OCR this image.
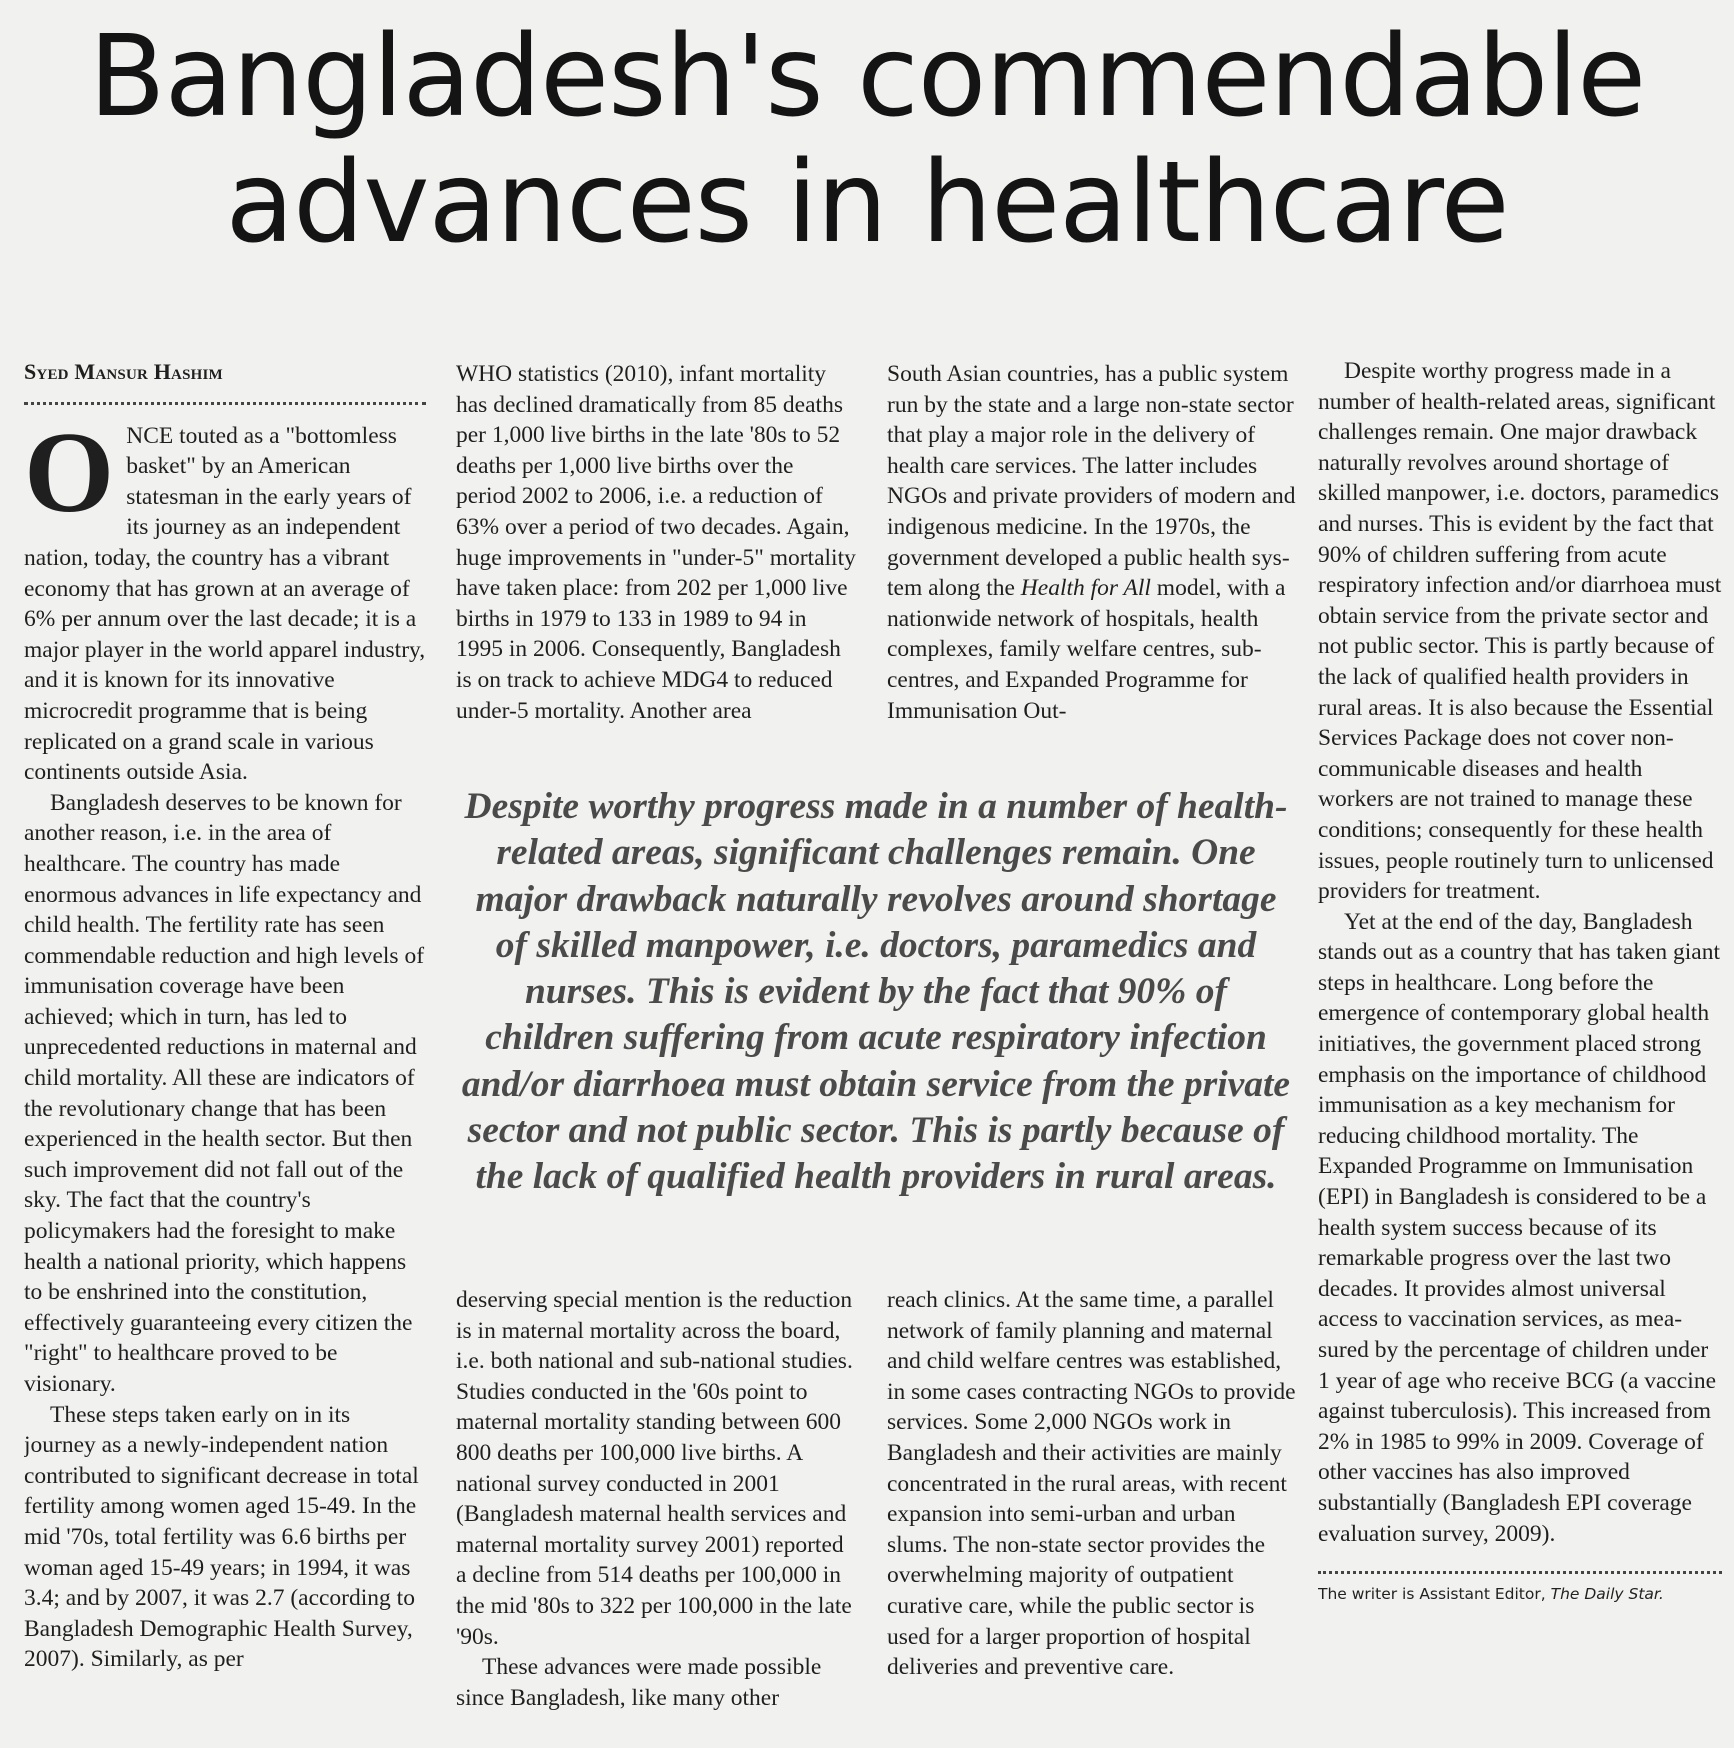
Bangladesh's commendable
advances in healthcare
Syed Mansur Hashim

ONCE touted as a "bottomless basket" by an American statesman in the early years of its journey as an independent nation, today, the country has a vibrant economy that has grown at an average of 6% per annum over the last decade; it is a major player in the world apparel industry, and it is known for its innovative microcredit programme that is being replicated on a grand scale in various continents outside Asia.

Bangladesh deserves to be known for another reason, i.e. in the area of healthcare. The country has made enormous advances in life expectancy and child health. The fertility rate has seen commendable reduction and high levels of immunisation coverage have been achieved; which in turn, has led to unprecedented reductions in maternal and child mortality. All these are indicators of the revolutionary change that has been experienced in the health sector. But then such improvement did not fall out of the sky. The fact that the country's policymakers had the foresight to make health a national priority, which happens to be enshrined into the constitution, effectively guaranteeing every citizen the "right" to healthcare proved to be visionary.

These steps taken early on in its journey as a newly-independent nation contributed to significant decrease in total fertility among women aged 15-49. In the mid '70s, total fertility was 6.6 births per woman aged 15-49 years; in 1994, it was 3.4; and by 2007, it was 2.7 (according to Bangladesh Demographic Health Survey, 2007). Similarly, as per

WHO statistics (2010), infant mortality has declined dramatically from 85 deaths per 1,000 live births in the late '80s to 52 deaths per 1,000 live births over the period 2002 to 2006, i.e. a reduction of 63% over a period of two decades. Again, huge improvements in "under-5" mortality have taken place: from 202 per 1,000 live births in 1979 to 133 in 1989 to 94 in 1995 in 2006. Consequently, Bangladesh is on track to achieve MDG4 to reduced under-5 mortality. Another area

South Asian countries, has a public system run by the state and a large non-state sector that play a major role in the delivery of health care services. The latter includes NGOs and private providers of modern and indigenous medicine. In the 1970s, the government developed a public health system along the Health for All model, with a nationwide network of hospitals, health complexes, family welfare centres, sub-centres, and Expanded Programme for Immunisation Out-

Despite worthy progress made in a number of health-related areas, significant challenges remain. One major drawback naturally revolves around shortage of skilled manpower, i.e. doctors, paramedics and nurses. This is evident by the fact that 90% of children suffering from acute respiratory infection and/or diarrhoea must obtain service from the private sector and not public sector. This is partly because of the lack of qualified health providers in rural areas.

deserving special mention is the reduction is in maternal mortality across the board, i.e. both national and sub-national studies. Studies conducted in the '60s point to maternal mortality standing between 600 800 deaths per 100,000 live births. A national survey conducted in 2001 (Bangladesh maternal health services and maternal mortality survey 2001) reported a decline from 514 deaths per 100,000 in the mid '80s to 322 per 100,000 in the late '90s.

These advances were made possible since Bangladesh, like many other

reach clinics. At the same time, a parallel network of family planning and maternal and child welfare centres was established, in some cases contracting NGOs to provide services. Some 2,000 NGOs work in Bangladesh and their activities are mainly concentrated in the rural areas, with recent expansion into semi-urban and urban slums. The non-state sector provides the overwhelming majority of outpatient curative care, while the public sector is used for a larger proportion of hospital deliveries and preventive care.

Despite worthy progress made in a number of health-related areas, significant challenges remain. One major drawback naturally revolves around shortage of skilled manpower, i.e. doctors, paramedics and nurses. This is evident by the fact that 90% of children suffering from acute respiratory infection and/or diarrhoea must obtain service from the private sector and not public sector. This is partly because of the lack of qualified health providers in rural areas. It is also because the Essential Services Package does not cover non-communicable diseases and health workers are not trained to manage these conditions; consequently for these health issues, people routinely turn to unlicensed providers for treatment.

Yet at the end of the day, Bangladesh stands out as a country that has taken giant steps in healthcare. Long before the emergence of contemporary global health initiatives, the government placed strong emphasis on the importance of childhood immunisation as a key mechanism for reducing childhood mortality. The Expanded Programme on Immunisation (EPI) in Bangladesh is considered to be a health system success because of its remarkable progress over the last two decades. It provides almost universal access to vaccination services, as measured by the percentage of children under 1 year of age who receive BCG (a vaccine against tuberculosis). This increased from 2% in 1985 to 99% in 2009. Coverage of other vaccines has also improved substantially (Bangladesh EPI coverage evaluation survey, 2009).

The writer is Assistant Editor, The Daily Star.
